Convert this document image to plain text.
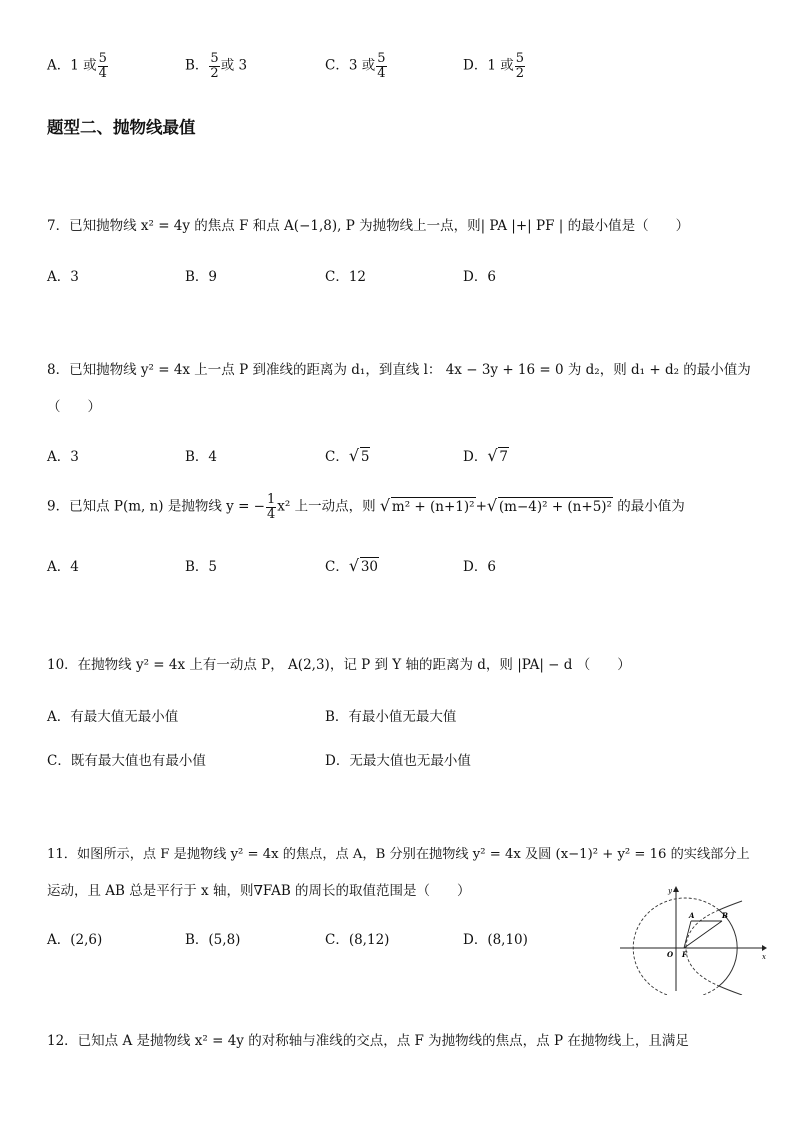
A．1 或 $\frac{5}{4}$	B． $\frac{5}{2}$ 或 3	C．3 或 $\frac{5}{4}$	D．1 或 $\frac{5}{2}$
题型二、抛物线最值
7．已知抛物线 x² = 4y 的焦点 F 和点 A(−1,8), P 为抛物线上一点，则| PA |+| PF | 的最小值是（　　）
A．3	B．9	C．12	D．6
8．已知抛物线 y² = 4x 上一点 P 到准线的距离为 d₁，到直线 l： 4x − 3y + 16 = 0 为 d₂，则 d₁ + d₂ 的最小值为
（　　）
A．3	B．4	C． √ 5	D． √ 7
9．已知点 P(m, n) 是抛物线 y = − $\frac{1}{4} x^2$ 上一动点，则 √ m² + (n+1)²+ √ (m−4)² + (n+5)² 的最小值为
A．4	B．5	C． √ 30	D．6
10．在抛物线 y² = 4x 上有一动点 P， A(2,3)，记 P 到 Y 轴的距离为 d，则 |PA| − d （　　）
A．有最大值无最小值	B．有最小值无最大值
C．既有最大值也有最小值	D．无最大值也无最小值
11．如图所示，点 F 是抛物线 y² = 4x 的焦点，点 A，B 分别在抛物线 y² = 4x 及圆 (x−1)² + y² = 16 的实线部分上
运动，且 AB 总是平行于 x 轴，则∇FAB 的周长的取值范围是（　　）
A．(2,6)	B．(5,8)	C．(8,12)	D．(8,10)
y
x
O F
A	B
12．已知点 A 是抛物线 x² = 4y 的对称轴与准线的交点，点 F 为抛物线的焦点，点 P 在抛物线上，且满足
